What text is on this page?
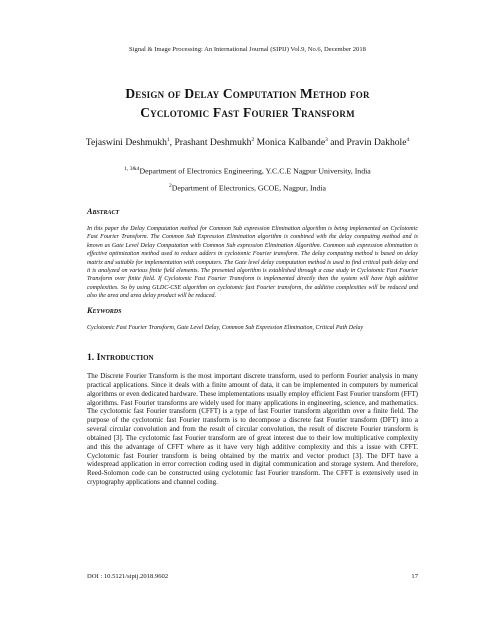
Signal & Image Processing: An International Journal (SIPIJ) Vol.9, No.6, December 2018
Design of Delay Computation Method for
Cyclotomic Fast Fourier Transform
Tejaswini Deshmukh$^1$, Prashant Deshmukh$^2$ Monica Kalbande$^3$ and Pravin Dakhole$^4$
$^{1, 3\&4}$Department of Electronics Engineering, Y.C.C.E Nagpur University, India
$^2$Department of Electronics, GCOE, Nagpur, India
Abstract

In this paper the Delay Computation method for Common Sub expression Elimination algorithm is being implemented on Cyclotomic Fast Fourier Transform. The Common Sub Expression Elimination algorithm is combined with the delay computing method and is known as Gate Level Delay Computation with Common Sub expression Elimination Algorithm. Common sub expression elimination is effective optimization method used to reduce adders in cyclotomic Fourier transform. The delay computing method is based on delay matrix and suitable for implementation with computers. The Gate level delay computation method is used to find critical path delay and it is analyzed on various finite field elements. The presented algorithm is established through a case study in Cyclotomic Fast Fourier Transform over finite field. If Cyclotomic Fast Fourier Transform is implemented directly then the system will have high additive complexities. So by using GLDC-CSE algorithm on cyclotomic fast Fourier transform, the additive complexities will be reduced and also the area and area delay product will be reduced.

Keywords

Cyclotomic Fast Fourier Transform, Gate Level Delay, Common Sub Expression Elimination, Critical Path Delay

1. Introduction

The Discrete Fourier Transform is the most important discrete transform, used to perform Fourier analysis in many practical applications. Since it deals with a finite amount of data, it can be implemented in computers by numerical algorithms or even dedicated hardware. These implementations usually employ efficient Fast Fourier transform (FFT) algorithms. Fast Fourier transforms are widely used for many applications in engineering, science, and mathematics. The cyclotomic fast Fourier transform (CFFT) is a type of fast Fourier transform algorithm over a finite field. The purpose of the cyclotomic fast Fourier transform is to decompose a discrete fast Fourier transform (DFT) into a several circular convolution and from the result of circular convolution, the result of discrete Fourier transform is obtained [3]. The cyclotomic fast Fourier transform are of great interest due to their low multiplicative complexity and this the advantage of CFFT where as it have very high additive complexity and this a issue with CFFT. Cyclotomic fast Fourier transform is being obtained by the matrix and vector product [3]. The DFT have a widespread application in error correction coding used in digital communication and storage system. And therefore, Reed-Solomon code can be constructed using cyclotomic fast Fourier transform. The CFFT is extensively used in cryptography applications and channel coding.

DOI : 10.5121/sipij.2018.9602	17
